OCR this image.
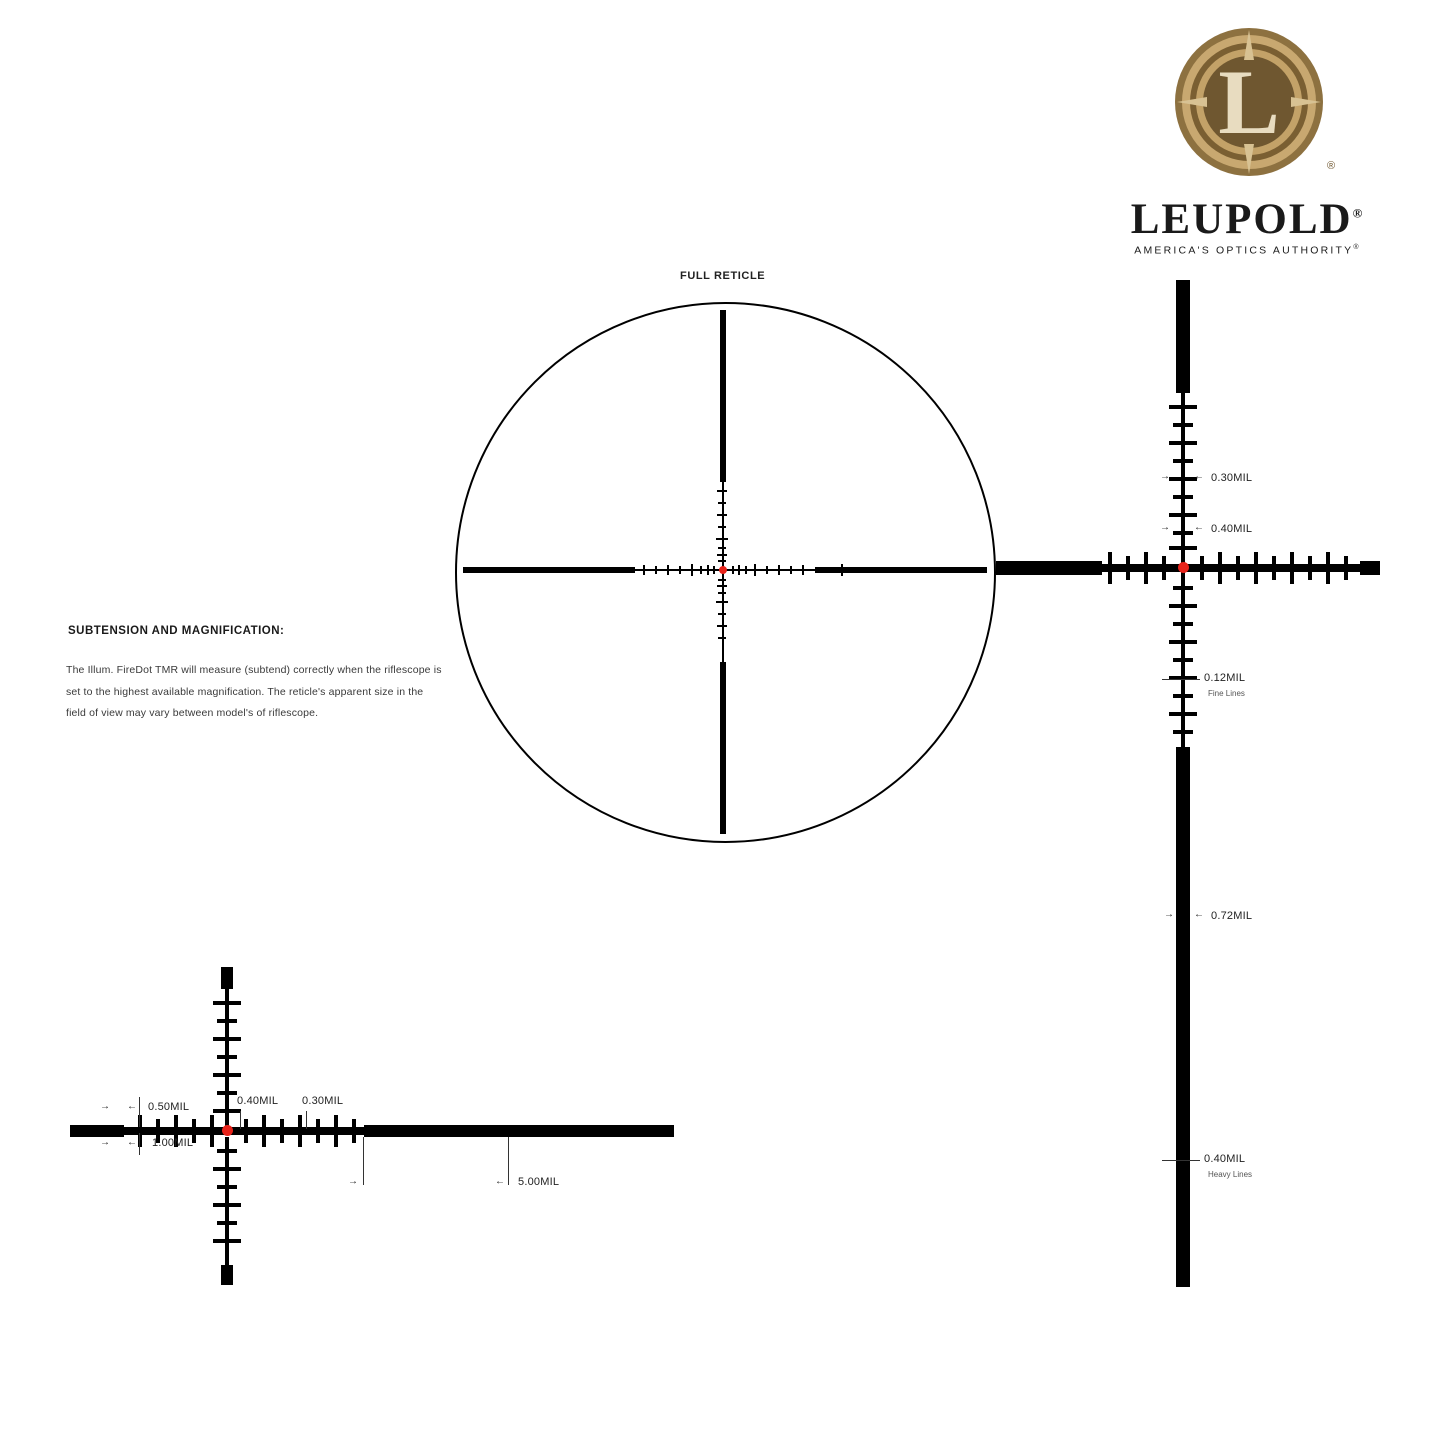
L
®
LEUPOLD®
AMERICA'S OPTICS AUTHORITY®
FULL RETICLE
SUBTENSION AND MAGNIFICATION:
The Illum. FireDot TMR will measure (subtend) correctly when the riflescope is set to the highest available magnification. The reticle's apparent size in the field of view may vary between model's of riflescope.
→ ← 0.30MIL
→ ← 0.40MIL
0.12MIL
Fine Lines
→ ← 0.72MIL
0.40MIL
Heavy Lines
→ ← 0.50MIL	0.40MIL 0.30MIL
→ ← 1.00MIL
→	← 5.00MIL
